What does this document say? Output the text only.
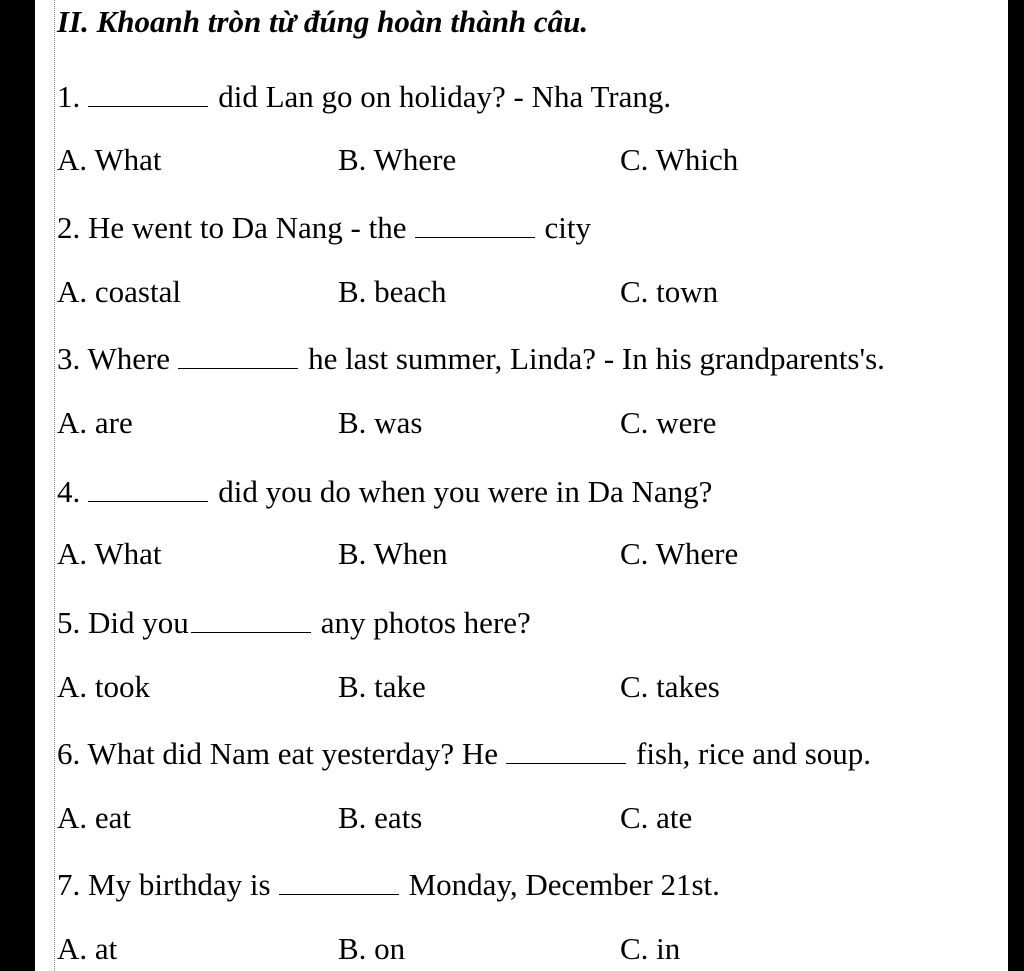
II. Khoanh tròn từ đúng hoàn thành câu.
1.	did Lan go on holiday? - Nha Trang.
A. What	B. Where	C. Which
2. He went to Da Nang - the	city
A. coastal	B. beach	C. town
3. Where	he last summer, Linda? - In his grandparents's.
A. are	B. was	C. were
4.	did you do when you were in Da Nang?
A. What	B. When	C. Where
5. Did you	any photos here?
A. took	B. take	C. takes
6. What did Nam eat yesterday? He	fish, rice and soup.
A. eat	B. eats	C. ate
7. My birthday is	Monday, December 21st.
A. at	B. on	C. in
